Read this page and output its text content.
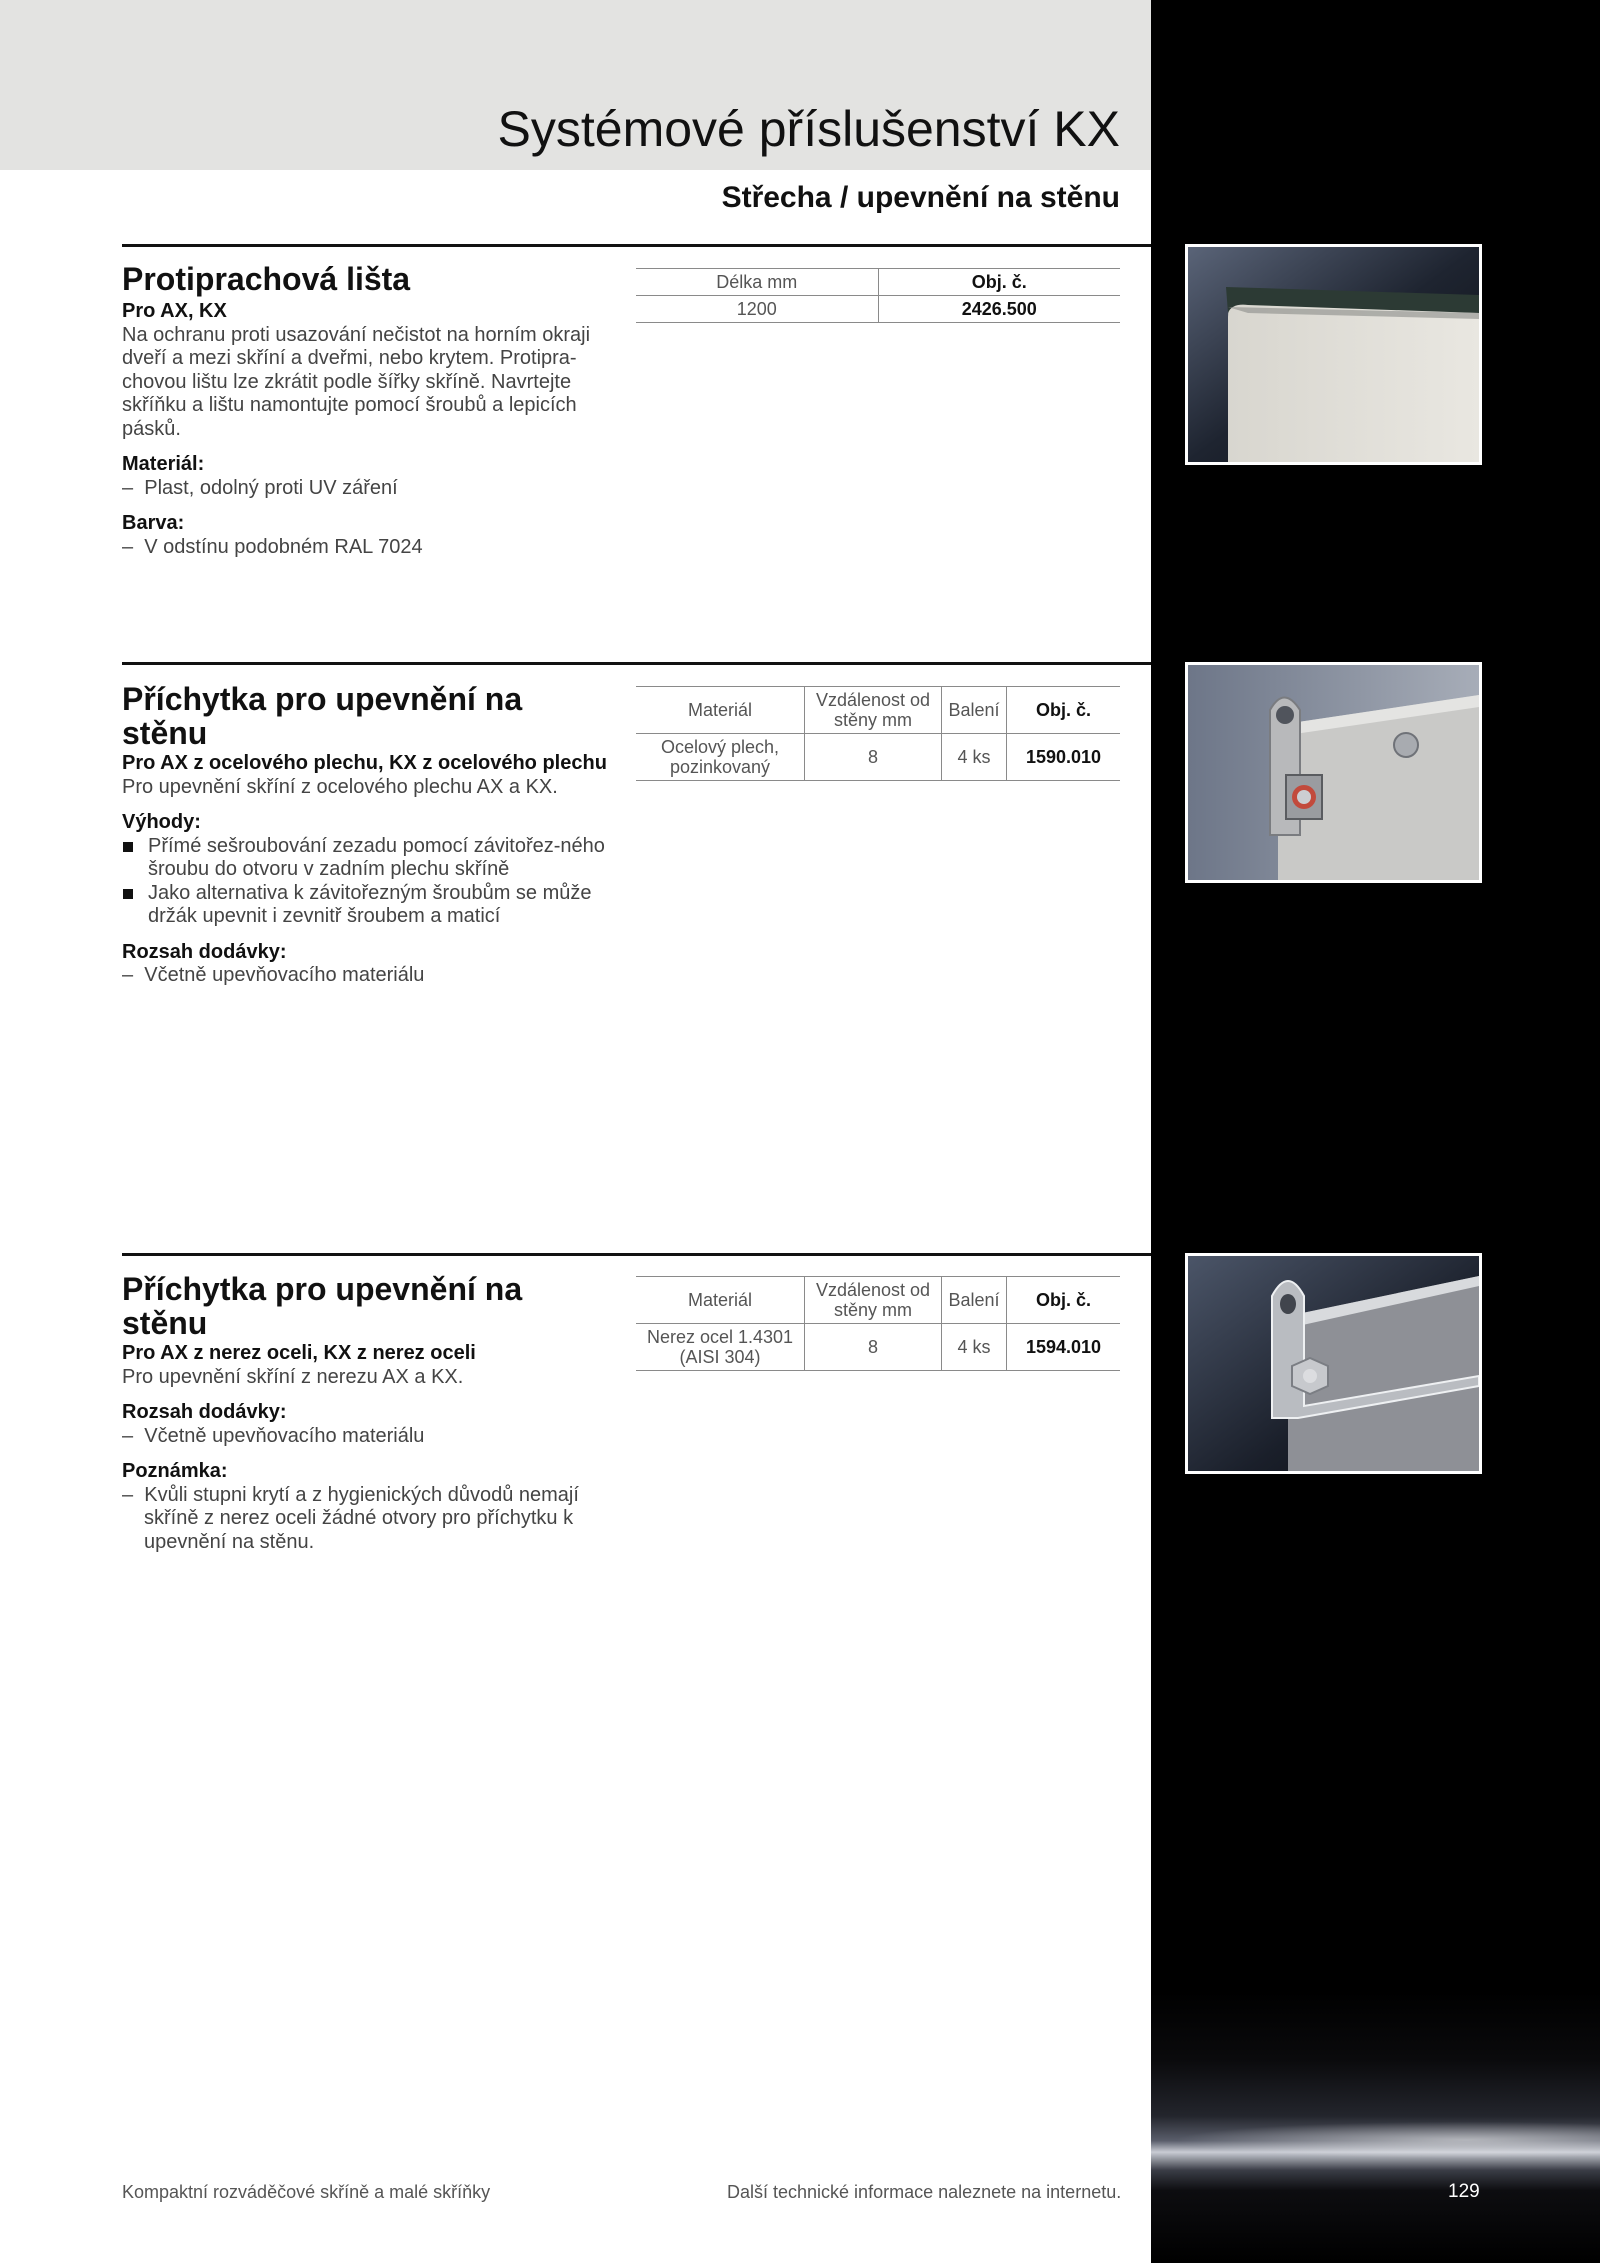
Systémové příslušenství KX
Střecha / upevnění na stěnu
Protiprachová lišta

Pro AX, KX

Na ochranu proti usazování nečistot na horním okraji dveří a mezi skříní a dveřmi, nebo krytem. Protipra-chovou lištu lze zkrátit podle šířky skříně. Navrtejte skříňku a lištu namontujte pomocí šroubů a lepicích pásků.

Materiál:

–  Plast, odolný proti UV záření

Barva:

–  V odstínu podobném RAL 7024

Délka mm	Obj. č.
1200	2426.500
Příchytka pro upevnění na stěnu

Pro AX z ocelového plechu, KX z ocelového plechu

Pro upevnění skříní z ocelového plechu AX a KX.

Výhody:

Přímé sešroubování zezadu pomocí závitořez-ného šroubu do otvoru v zadním plechu skříně

Jako alternativa k závitořezným šroubům se může držák upevnit i zevnitř šroubem a maticí

Rozsah dodávky:

–  Včetně upevňovacího materiálu

Materiál	Vzdálenost od stěny mm	Balení	Obj. č.
Ocelový plech, pozinkovaný	8	4 ks	1590.010
Příchytka pro upevnění na stěnu

Pro AX z nerez oceli, KX z nerez oceli

Pro upevnění skříní z nerezu AX a KX.

Rozsah dodávky:

–  Včetně upevňovacího materiálu

Poznámka:

–  Kvůli stupni krytí a z hygienických důvodů nemají skříně z nerez oceli žádné otvory pro příchytku k upevnění na stěnu.

Materiál	Vzdálenost od stěny mm	Balení	Obj. č.
Nerez ocel 1.4301 (AISI 304)	8	4 ks	1594.010

Kompaktní rozváděčové skříně a malé skříňky	Další technické informace naleznete na internetu.	129
